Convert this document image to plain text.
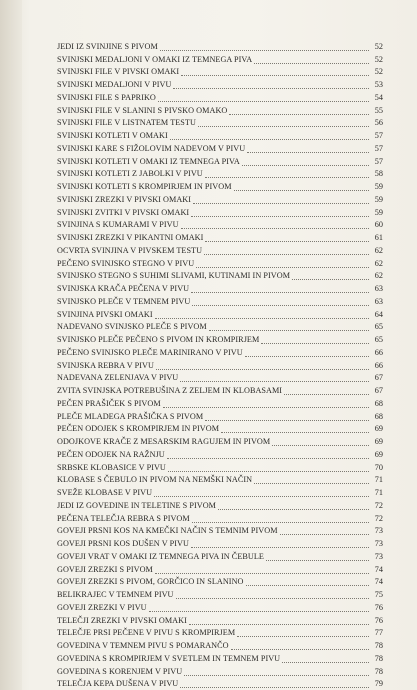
JEDI IZ SVINJINE S PIVOM	52
SVINJSKI MEDALJONI V OMAKI IZ TEMNEGA PIVA	52
SVINJSKI FILE V PIVSKI OMAKI	52
SVINJSKI MEDALJONI V PIVU	53
SVINJSKI FILE S PAPRIKO	54
SVINJSKI FILE V SLANINI S PIVSKO OMAKO	55
SVINJSKI FILE V LISTNATEM TESTU	56
SVINJSKI KOTLETI V OMAKI	57
SVINJSKI KARE S FIŽOLOVIM NADEVOM V PIVU	57
SVINJSKI KOTLETI V OMAKI IZ TEMNEGA PIVA	57
SVINJSKI KOTLETI Z JABOLKI V PIVU	58
SVINJSKI KOTLETI S KROMPIRJEM IN PIVOM	59
SVINJSKI ZREZKI V PIVSKI OMAKI	59
SVINJSKI ZVITKI V PIVSKI OMAKI	59
SVINJINA S KUMARAMI V PIVU	60
SVINJSKI ZREZKI V PIKANTNI OMAKI	61
OCVRTA SVINJINA V PIVSKEM TESTU	62
PEČENO SVINJSKO STEGNO V PIVU	62
SVINJSKO STEGNO S SUHIMI SLIVAMI, KUTINAMI IN PIVOM	62
SVINJSKA KRAČA PEČENA V PIVU	63
SVINJSKO PLEČE V TEMNEM PIVU	63
SVINJINA PIVSKI OMAKI	64
NADEVANO SVINJSKO PLEČE S PIVOM	65
SVINJSKO PLEČE PEČENO S PIVOM IN KROMPIRJEM	65
PEČENO SVINJSKO PLEČE MARINIRANO V PIVU	66
SVINJSKA REBRA V PIVU	66
NADEVANA ZELENJAVA V PIVU	67
ZVITA SVINJSKA POTREBUŠINA Z ZELJEM IN KLOBASAMI	67
PEČEN PRAŠIČEK S PIVOM	68
PLEČE MLADEGA PRAŠIČKA S PIVOM	68
PEČEN ODOJEK S KROMPIRJEM IN PIVOM	69
ODOJKOVE KRAČE Z MESARSKIM RAGUJEM IN PIVOM	69
PEČEN ODOJEK NA RAŽNJU	69
SRBSKE KLOBASICE V PIVU	70
KLOBASE S ČEBULO IN PIVOM NA NEMŠKI NAČIN	71
SVEŽE KLOBASE V PIVU	71
JEDI IZ GOVEDINE IN TELETINE S PIVOM	72
PEČENA TELEČJA REBRA S PIVOM	72
GOVEJI PRSNI KOS NA KMEČKI NAČIN S TEMNIM PIVOM	73
GOVEJI PRSNI KOS DUŠEN V PIVU	73
GOVEJI VRAT V OMAKI IZ TEMNEGA PIVA IN ČEBULE	73
GOVEJI ZREZKI S PIVOM	74
GOVEJI ZREZKI S PIVOM, GORČICO IN SLANINO	74
BELIKRAJEC V TEMNEM PIVU	75
GOVEJI ZREZKI V PIVU	76
TELEČJI ZREZKI V PIVSKI OMAKI	76
TELEČJE PRSI PEČENE V PIVU S KROMPIRJEM	77
GOVEDINA V TEMNEM PIVU S POMARANČO	78
GOVEDINA S KROMPIRJEM V SVETLEM IN TEMNEM PIVU	78
GOVEDINA S KORENJEM V PIVU	78
TELEČJA KEPA DUŠENA V PIVU	79
